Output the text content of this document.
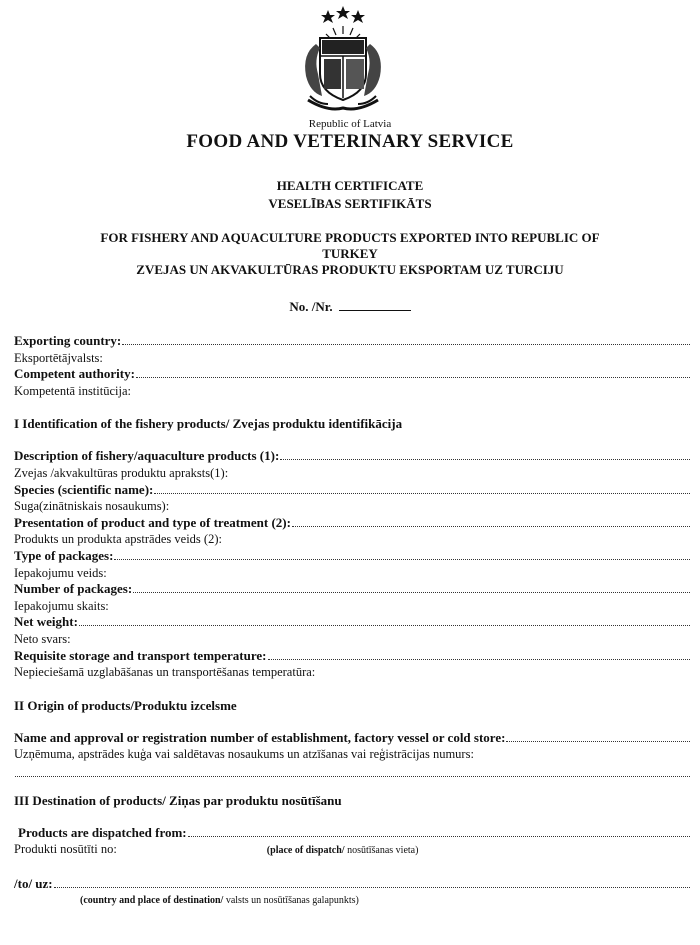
Republic of Latvia
FOOD AND VETERINARY SERVICE
HEALTH CERTIFICATE
VESELĪBAS SERTIFIKĀTS
FOR FISHERY AND AQUACULTURE PRODUCTS EXPORTED INTO REPUBLIC OF
TURKEY
ZVEJAS UN AKVAKULTŪRAS PRODUKTU EKSPORTAM UZ TURCIJU
No. /Nr.
Exporting country:
Eksportētājvalsts:
Competent authority:
Kompetentā institūcija:
I Identification of the fishery products/ Zvejas produktu identifikācija
Description of fishery/aquaculture products (1):
Zvejas /akvakultūras produktu apraksts(1):
Species (scientific name):
Suga(zinātniskais nosaukums):
Presentation of product and type of treatment (2):
Produkts un produkta apstrādes veids (2):
Type of packages:
Iepakojumu veids:
Number of packages:
Iepakojumu skaits:
Net weight:
Neto svars:
Requisite storage and transport temperature:
Nepieciešamā uzglabāšanas un transportēšanas temperatūra:
II Origin of products/Produktu izcelsme
Name and approval or registration number of establishment, factory vessel or cold store:
Uzņēmuma, apstrādes kuģa vai saldētavas nosaukums un atzīšanas vai reģistrācijas numurs:
III Destination of products/ Ziņas par produktu nosūtīšanu
Products are dispatched from:
Produkti nosūtīti no:	(place of dispatch/ nosūtīšanas vieta)
/to/ uz:
(country and place of destination/ valsts un nosūtīšanas galapunkts)
